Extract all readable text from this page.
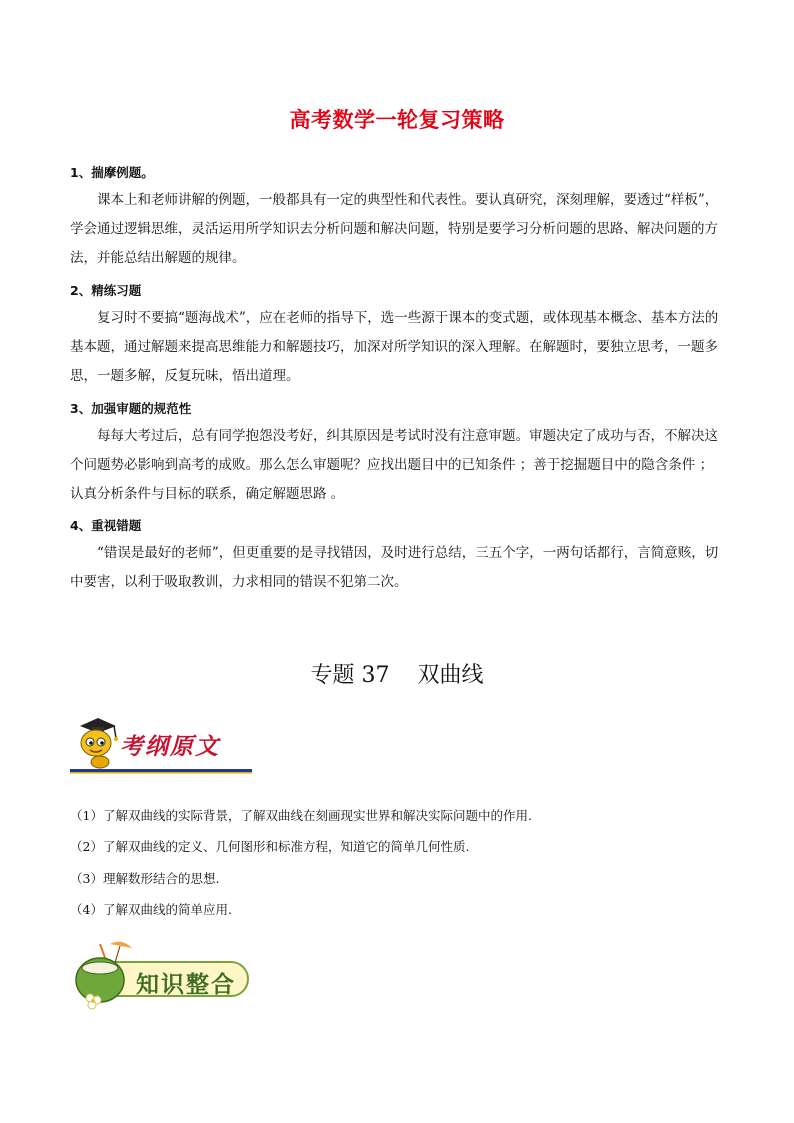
高考数学一轮复习策略
1、揣摩例题。
课本上和老师讲解的例题，一般都具有一定的典型性和代表性。要认真研究，深刻理解，要透过“样板”，学会通过逻辑思维，灵活运用所学知识去分析问题和解决问题，特别是要学习分析问题的思路、解决问题的方法，并能总结出解题的规律。
2、精练习题
复习时不要搞“题海战术”，应在老师的指导下，选一些源于课本的变式题，或体现基本概念、基本方法的基本题，通过解题来提高思维能力和解题技巧，加深对所学知识的深入理解。在解题时，要独立思考，一题多思，一题多解，反复玩味，悟出道理。
3、加强审题的规范性
每每大考过后，总有同学抱怨没考好，纠其原因是考试时没有注意审题。审题决定了成功与否，不解决这个问题势必影响到高考的成败。那么怎么审题呢？应找出题目中的已知条件 ；善于挖掘题目中的隐含条件 ；认真分析条件与目标的联系，确定解题思路 。
4、重视错题
“错误是最好的老师”，但更重要的是寻找错因，及时进行总结，三五个字，一两句话都行，言简意赅，切中要害，以利于吸取教训，力求相同的错误不犯第二次。
专题 37    双曲线
考纲原文
（1）了解双曲线的实际背景，了解双曲线在刻画现实世界和解决实际问题中的作用.
（2）了解双曲线的定义、几何图形和标准方程，知道它的简单几何性质.
（3）理解数形结合的思想.
（4）了解双曲线的简单应用.
知识整合
